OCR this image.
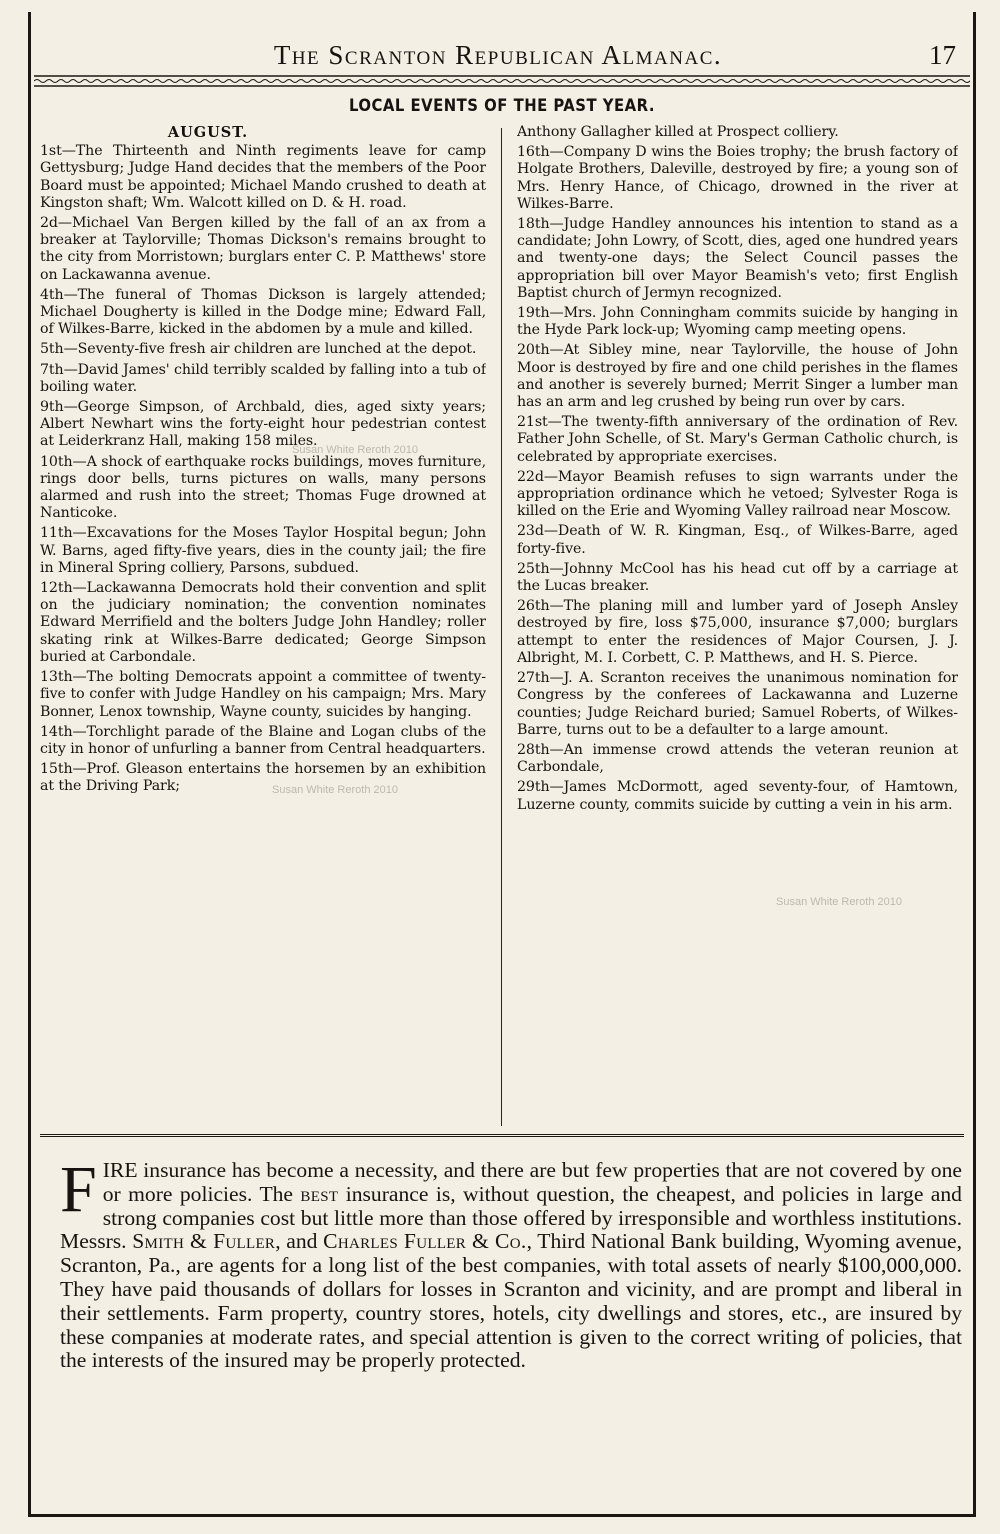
The Scranton Republican Almanac.	17
LOCAL EVENTS OF THE PAST YEAR.
AUGUST.
1st—The Thirteenth and Ninth regiments leave for camp Gettysburg; Judge Hand decides that the members of the Poor Board must be appointed; Michael Mando crushed to death at Kingston shaft; Wm. Walcott killed on D. & H. road.
2d—Michael Van Bergen killed by the fall of an ax from a breaker at Taylorville; Thomas Dickson's remains brought to the city from Morristown; burglars enter C. P. Matthews' store on Lackawanna avenue.
4th—The funeral of Thomas Dickson is largely attended; Michael Dougherty is killed in the Dodge mine; Edward Fall, of Wilkes-Barre, kicked in the abdomen by a mule and killed.
5th—Seventy-five fresh air children are lunched at the depot.
7th—David James' child terribly scalded by falling into a tub of boiling water.
9th—George Simpson, of Archbald, dies, aged sixty years; Albert Newhart wins the forty-eight hour pedestrian contest at Leiderkranz Hall, making 158 miles.
10th—A shock of earthquake rocks buildings, moves furniture, rings door bells, turns pictures on walls, many persons alarmed and rush into the street; Thomas Fuge drowned at Nanticoke.
11th—Excavations for the Moses Taylor Hospital begun; John W. Barns, aged fifty-five years, dies in the county jail; the fire in Mineral Spring colliery, Parsons, subdued.
12th—Lackawanna Democrats hold their convention and split on the judiciary nomination; the convention nominates Edward Merrifield and the bolters Judge John Handley; roller skating rink at Wilkes-Barre dedicated; George Simpson buried at Carbondale.
13th—The bolting Democrats appoint a committee of twenty-five to confer with Judge Handley on his campaign; Mrs. Mary Bonner, Lenox township, Wayne county, suicides by hanging.
14th—Torchlight parade of the Blaine and Logan clubs of the city in honor of unfurling a banner from Central headquarters.
15th—Prof. Gleason entertains the horsemen by an exhibition at the Driving Park;
Anthony Gallagher killed at Prospect colliery.
16th—Company D wins the Boies trophy; the brush factory of Holgate Brothers, Daleville, destroyed by fire; a young son of Mrs. Henry Hance, of Chicago, drowned in the river at Wilkes-Barre.
18th—Judge Handley announces his intention to stand as a candidate; John Lowry, of Scott, dies, aged one hundred years and twenty-one days; the Select Council passes the appropriation bill over Mayor Beamish's veto; first English Baptist church of Jermyn recognized.
19th—Mrs. John Conningham commits suicide by hanging in the Hyde Park lock-up; Wyoming camp meeting opens.
20th—At Sibley mine, near Taylorville, the house of John Moor is destroyed by fire and one child perishes in the flames and another is severely burned; Merrit Singer a lumber man has an arm and leg crushed by being run over by cars.
21st—The twenty-fifth anniversary of the ordination of Rev. Father John Schelle, of St. Mary's German Catholic church, is celebrated by appropriate exercises.
22d—Mayor Beamish refuses to sign warrants under the appropriation ordinance which he vetoed; Sylvester Roga is killed on the Erie and Wyoming Valley railroad near Moscow.
23d—Death of W. R. Kingman, Esq., of Wilkes-Barre, aged forty-five.
25th—Johnny McCool has his head cut off by a carriage at the Lucas breaker.
26th—The planing mill and lumber yard of Joseph Ansley destroyed by fire, loss $75,000, insurance $7,000; burglars attempt to enter the residences of Major Coursen, J. J. Albright, M. I. Corbett, C. P. Matthews, and H. S. Pierce.
27th—J. A. Scranton receives the unanimous nomination for Congress by the conferees of Lackawanna and Luzerne counties; Judge Reichard buried; Samuel Roberts, of Wilkes-Barre, turns out to be a defaulter to a large amount.
28th—An immense crowd attends the veteran reunion at Carbondale,
29th—James McDormott, aged seventy-four, of Hamtown, Luzerne county, commits suicide by cutting a vein in his arm.
FIRE insurance has become a necessity, and there are but few properties that are not covered by one or more policies. The best insurance is, without question, the cheapest, and policies in large and strong companies cost but little more than those offered by irresponsible and worthless institutions. Messrs. Smith & Fuller, and Charles Fuller & Co., Third National Bank building, Wyoming avenue, Scranton, Pa., are agents for a long list of the best companies, with total assets of nearly $100,000,000. They have paid thousands of dollars for losses in Scranton and vicinity, and are prompt and liberal in their settlements. Farm property, country stores, hotels, city dwellings and stores, etc., are insured by these companies at moderate rates, and special attention is given to the correct writing of policies, that the interests of the insured may be properly protected.
Susan White Reroth 2010
Susan White Reroth 2010
Susan White Reroth 2010
